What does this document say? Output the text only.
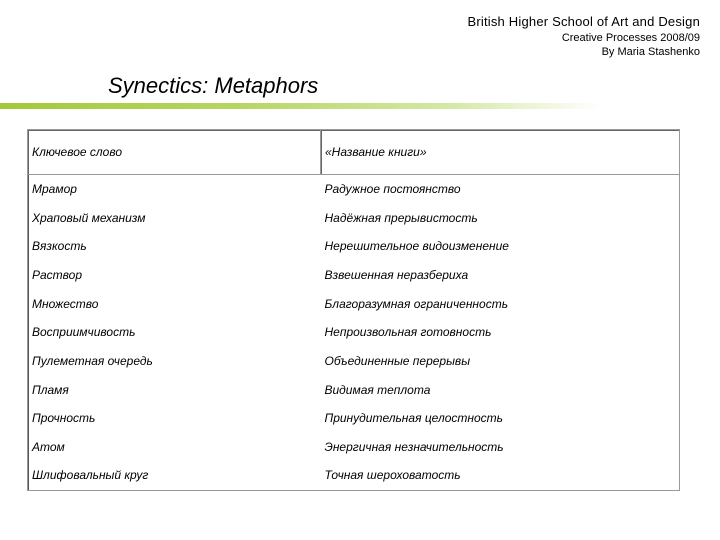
British Higher School of Art and Design
Creative Processes 2008/09
By Maria Stashenko
Synectics: Metaphors
Ключевое слово	«Название книги»
Мрамор	Радужное постоянство
Храповый механизм	Надёжная прерывистость
Вязкость	Нерешительное видоизменение
Раствор	Взвешенная неразбериха
Множество	Благоразумная ограниченность
Восприимчивость	Непроизвольная готовность
Пулеметная очередь	Объединенные перерывы
Пламя	Видимая теплота
Прочность	Принудительная целостность
Атом	Энергичная незначительность
Шлифовальный круг	Точная шероховатость
